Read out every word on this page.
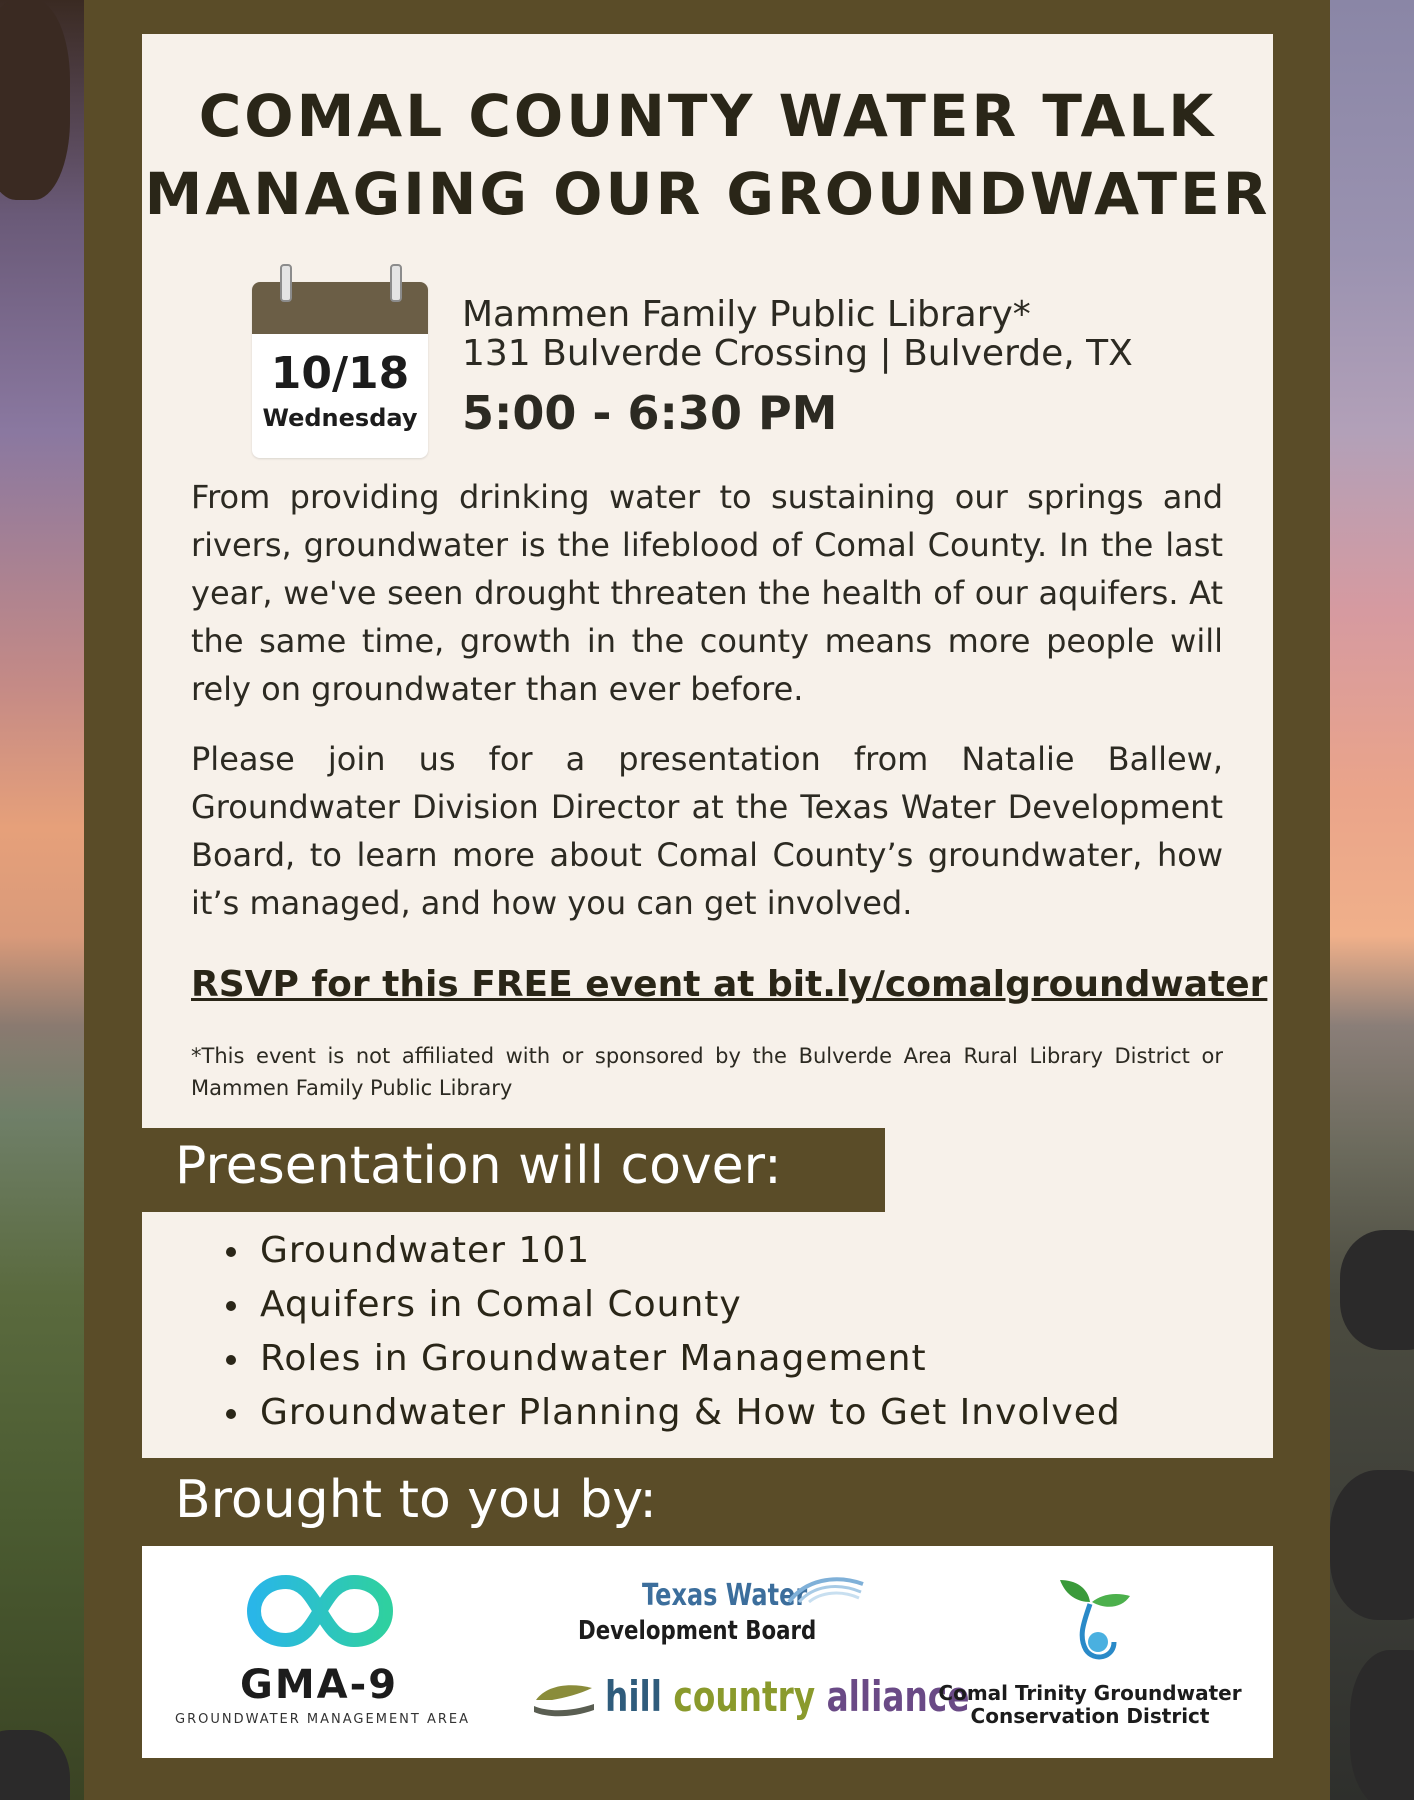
COMAL COUNTY WATER TALK
MANAGING OUR GROUNDWATER
10/18
Wednesday
Mammen Family Public Library*
131 Bulverde Crossing | Bulverde, TX
5:00 - 6:30 PM
From providing drinking water to sustaining our springs and rivers, groundwater is the lifeblood of Comal County. In the last year, we've seen drought threaten the health of our aquifers. At the same time, growth in the county means more people will rely on groundwater than ever before.
Please join us for a presentation from Natalie Ballew, Groundwater Division Director at the Texas Water Development Board, to learn more about Comal County’s groundwater, how it’s managed, and how you can get involved.
RSVP for this FREE event at bit.ly/comalgroundwater
*This event is not affiliated with or sponsored by the Bulverde Area Rural Library District or Mammen Family Public Library
Presentation will cover:
Groundwater 101
Aquifers in Comal County
Roles in Groundwater Management
Groundwater Planning & How to Get Involved
Brought to you by:
GMA-9
GROUNDWATER MANAGEMENT AREA
Texas Water
Development Board
hill country alliance
Comal Trinity Groundwater
Conservation District
